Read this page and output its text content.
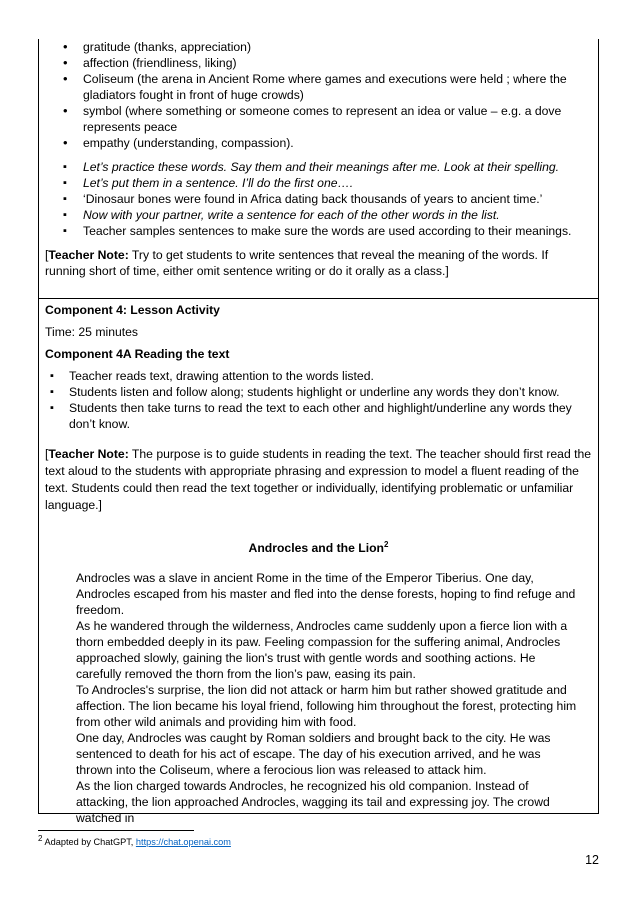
• gratitude (thanks, appreciation)
• affection (friendliness, liking)
• Coliseum (the arena in Ancient Rome where games and executions were held ; where the gladiators fought in front of huge crowds)
• symbol (where something or someone comes to represent an idea or value – e.g. a dove represents peace
• empathy (understanding, compassion).
▪ Let’s practice these words. Say them and their meanings after me. Look at their spelling.
▪ Let’s put them in a sentence. I’ll do the first one….
▪ ‘Dinosaur bones were found in Africa dating back thousands of years to ancient time.’
▪ Now with your partner, write a sentence for each of the other words in the list.
▪ Teacher samples sentences to make sure the words are used according to their meanings.

[Teacher Note: Try to get students to write sentences that reveal the meaning of the words. If running short of time, either omit sentence writing or do it orally as a class.]

Component 4: Lesson Activity

Time: 25 minutes

Component 4A Reading the text

▪ Teacher reads text, drawing attention to the words listed.
▪ Students listen and follow along; students highlight or underline any words they don’t know.
▪ Students then take turns to read the text to each other and highlight/underline any words they don’t know.

[Teacher Note: The purpose is to guide students in reading the text. The teacher should first read the text aloud to the students with appropriate phrasing and expression to model a fluent reading of the text. Students could then read the text together or individually, identifying problematic or unfamiliar language.]

Androcles and the Lion$^2$

Androcles was a slave in ancient Rome in the time of the Emperor Tiberius. One day, Androcles escaped from his master and fled into the dense forests, hoping to find refuge and freedom.

As he wandered through the wilderness, Androcles came suddenly upon a fierce lion with a thorn embedded deeply in its paw. Feeling compassion for the suffering animal, Androcles approached slowly, gaining the lion's trust with gentle words and soothing actions. He carefully removed the thorn from the lion’s paw, easing its pain.

To Androcles's surprise, the lion did not attack or harm him but rather showed gratitude and affection. The lion became his loyal friend, following him throughout the forest, protecting him from other wild animals and providing him with food.

One day, Androcles was caught by Roman soldiers and brought back to the city. He was sentenced to death for his act of escape. The day of his execution arrived, and he was thrown into the Coliseum, where a ferocious lion was released to attack him.

As the lion charged towards Androcles, he recognized his old companion. Instead of attacking, the lion approached Androcles, wagging its tail and expressing joy. The crowd watched in

$^2$ Adapted by ChatGPT, https://chat.openai.com
12
